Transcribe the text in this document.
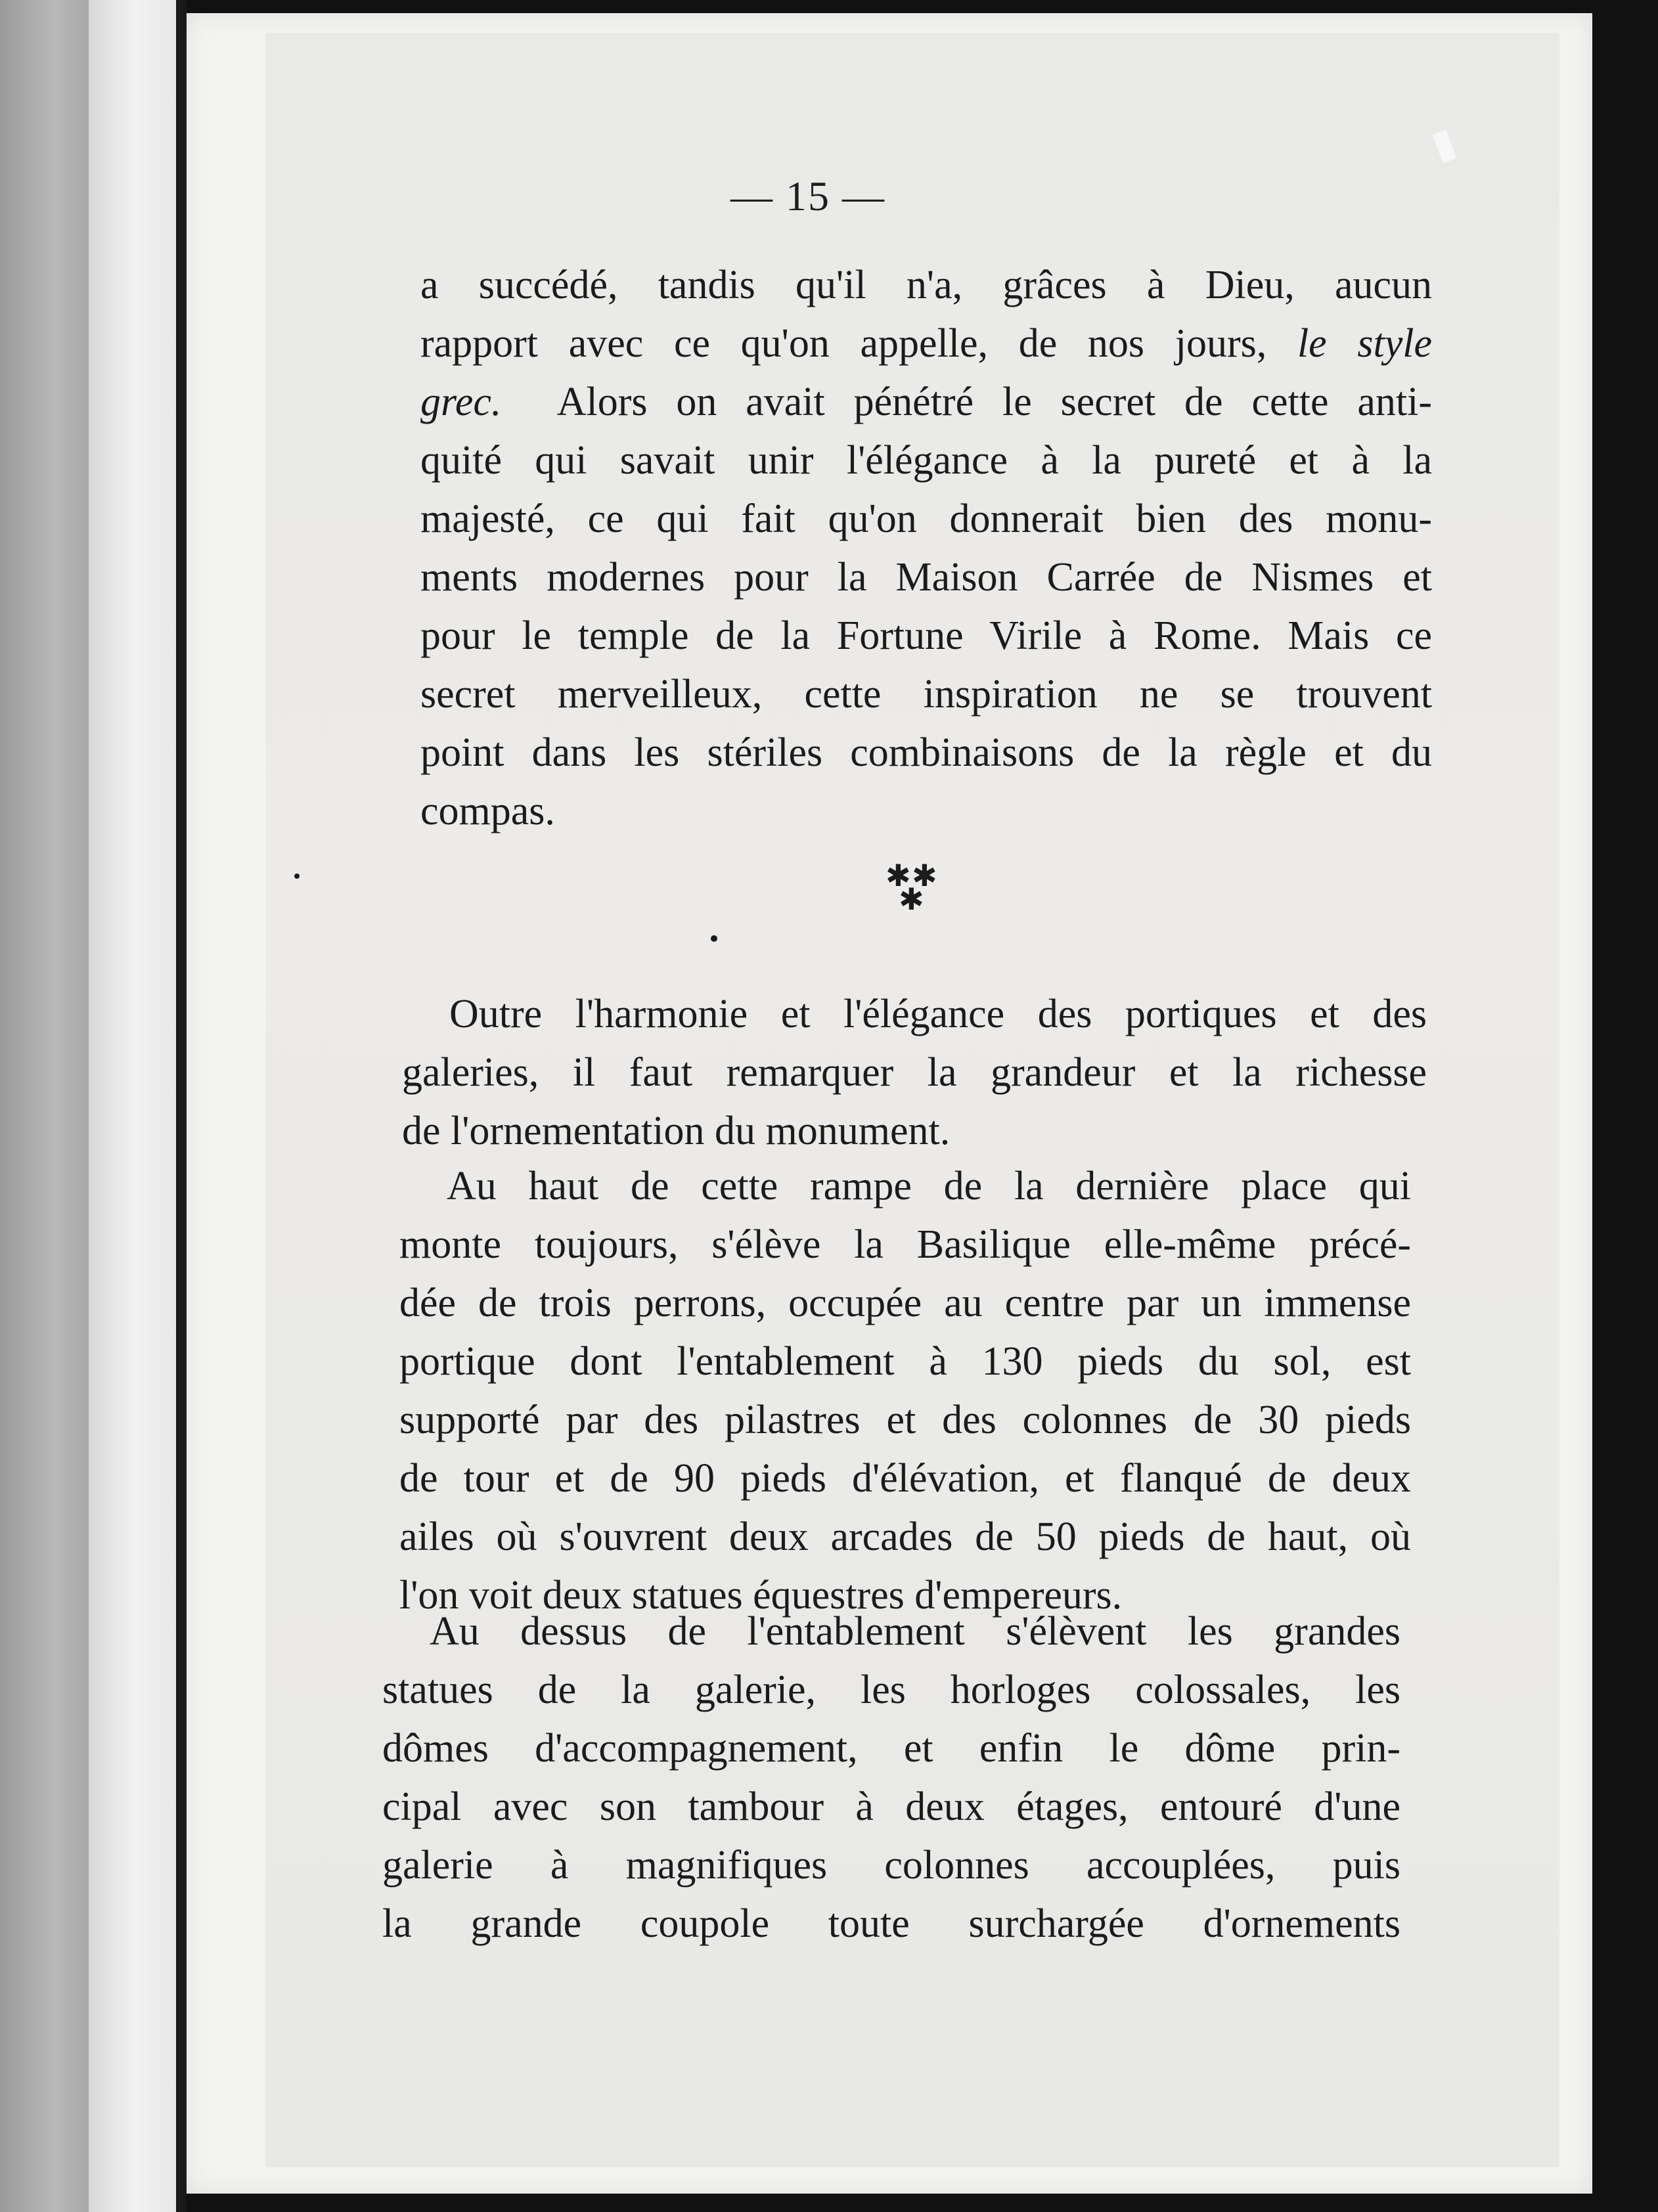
— 15 —
a succédé, tandis qu'il n'a, grâces à Dieu, aucun
rapport avec ce qu'on appelle, de nos jours, le style
grec. Alors on avait pénétré le secret de cette anti-
quité qui savait unir l'élégance à la pureté et à la
majesté, ce qui fait qu'on donnerait bien des monu-
ments modernes pour la Maison Carrée de Nismes et
pour le temple de la Fortune Virile à Rome. Mais ce
secret merveilleux, cette inspiration ne se trouvent
point dans les stériles combinaisons de la règle et du
compas.
✱ ✱
✱
Outre l'harmonie et l'élégance des portiques et des
galeries, il faut remarquer la grandeur et la richesse
de l'ornementation du monument.
Au haut de cette rampe de la dernière place qui
monte toujours, s'élève la Basilique elle-même précé-
dée de trois perrons, occupée au centre par un immense
portique dont l'entablement à 130 pieds du sol, est
supporté par des pilastres et des colonnes de 30 pieds
de tour et de 90 pieds d'élévation, et flanqué de deux
ailes où s'ouvrent deux arcades de 50 pieds de haut, où
l'on voit deux statues équestres d'empereurs.
Au dessus de l'entablement s'élèvent les grandes
statues de la galerie, les horloges colossales, les
dômes d'accompagnement, et enfin le dôme prin-
cipal avec son tambour à deux étages, entouré d'une
galerie à magnifiques colonnes accouplées, puis
la grande coupole toute surchargée d'ornements
